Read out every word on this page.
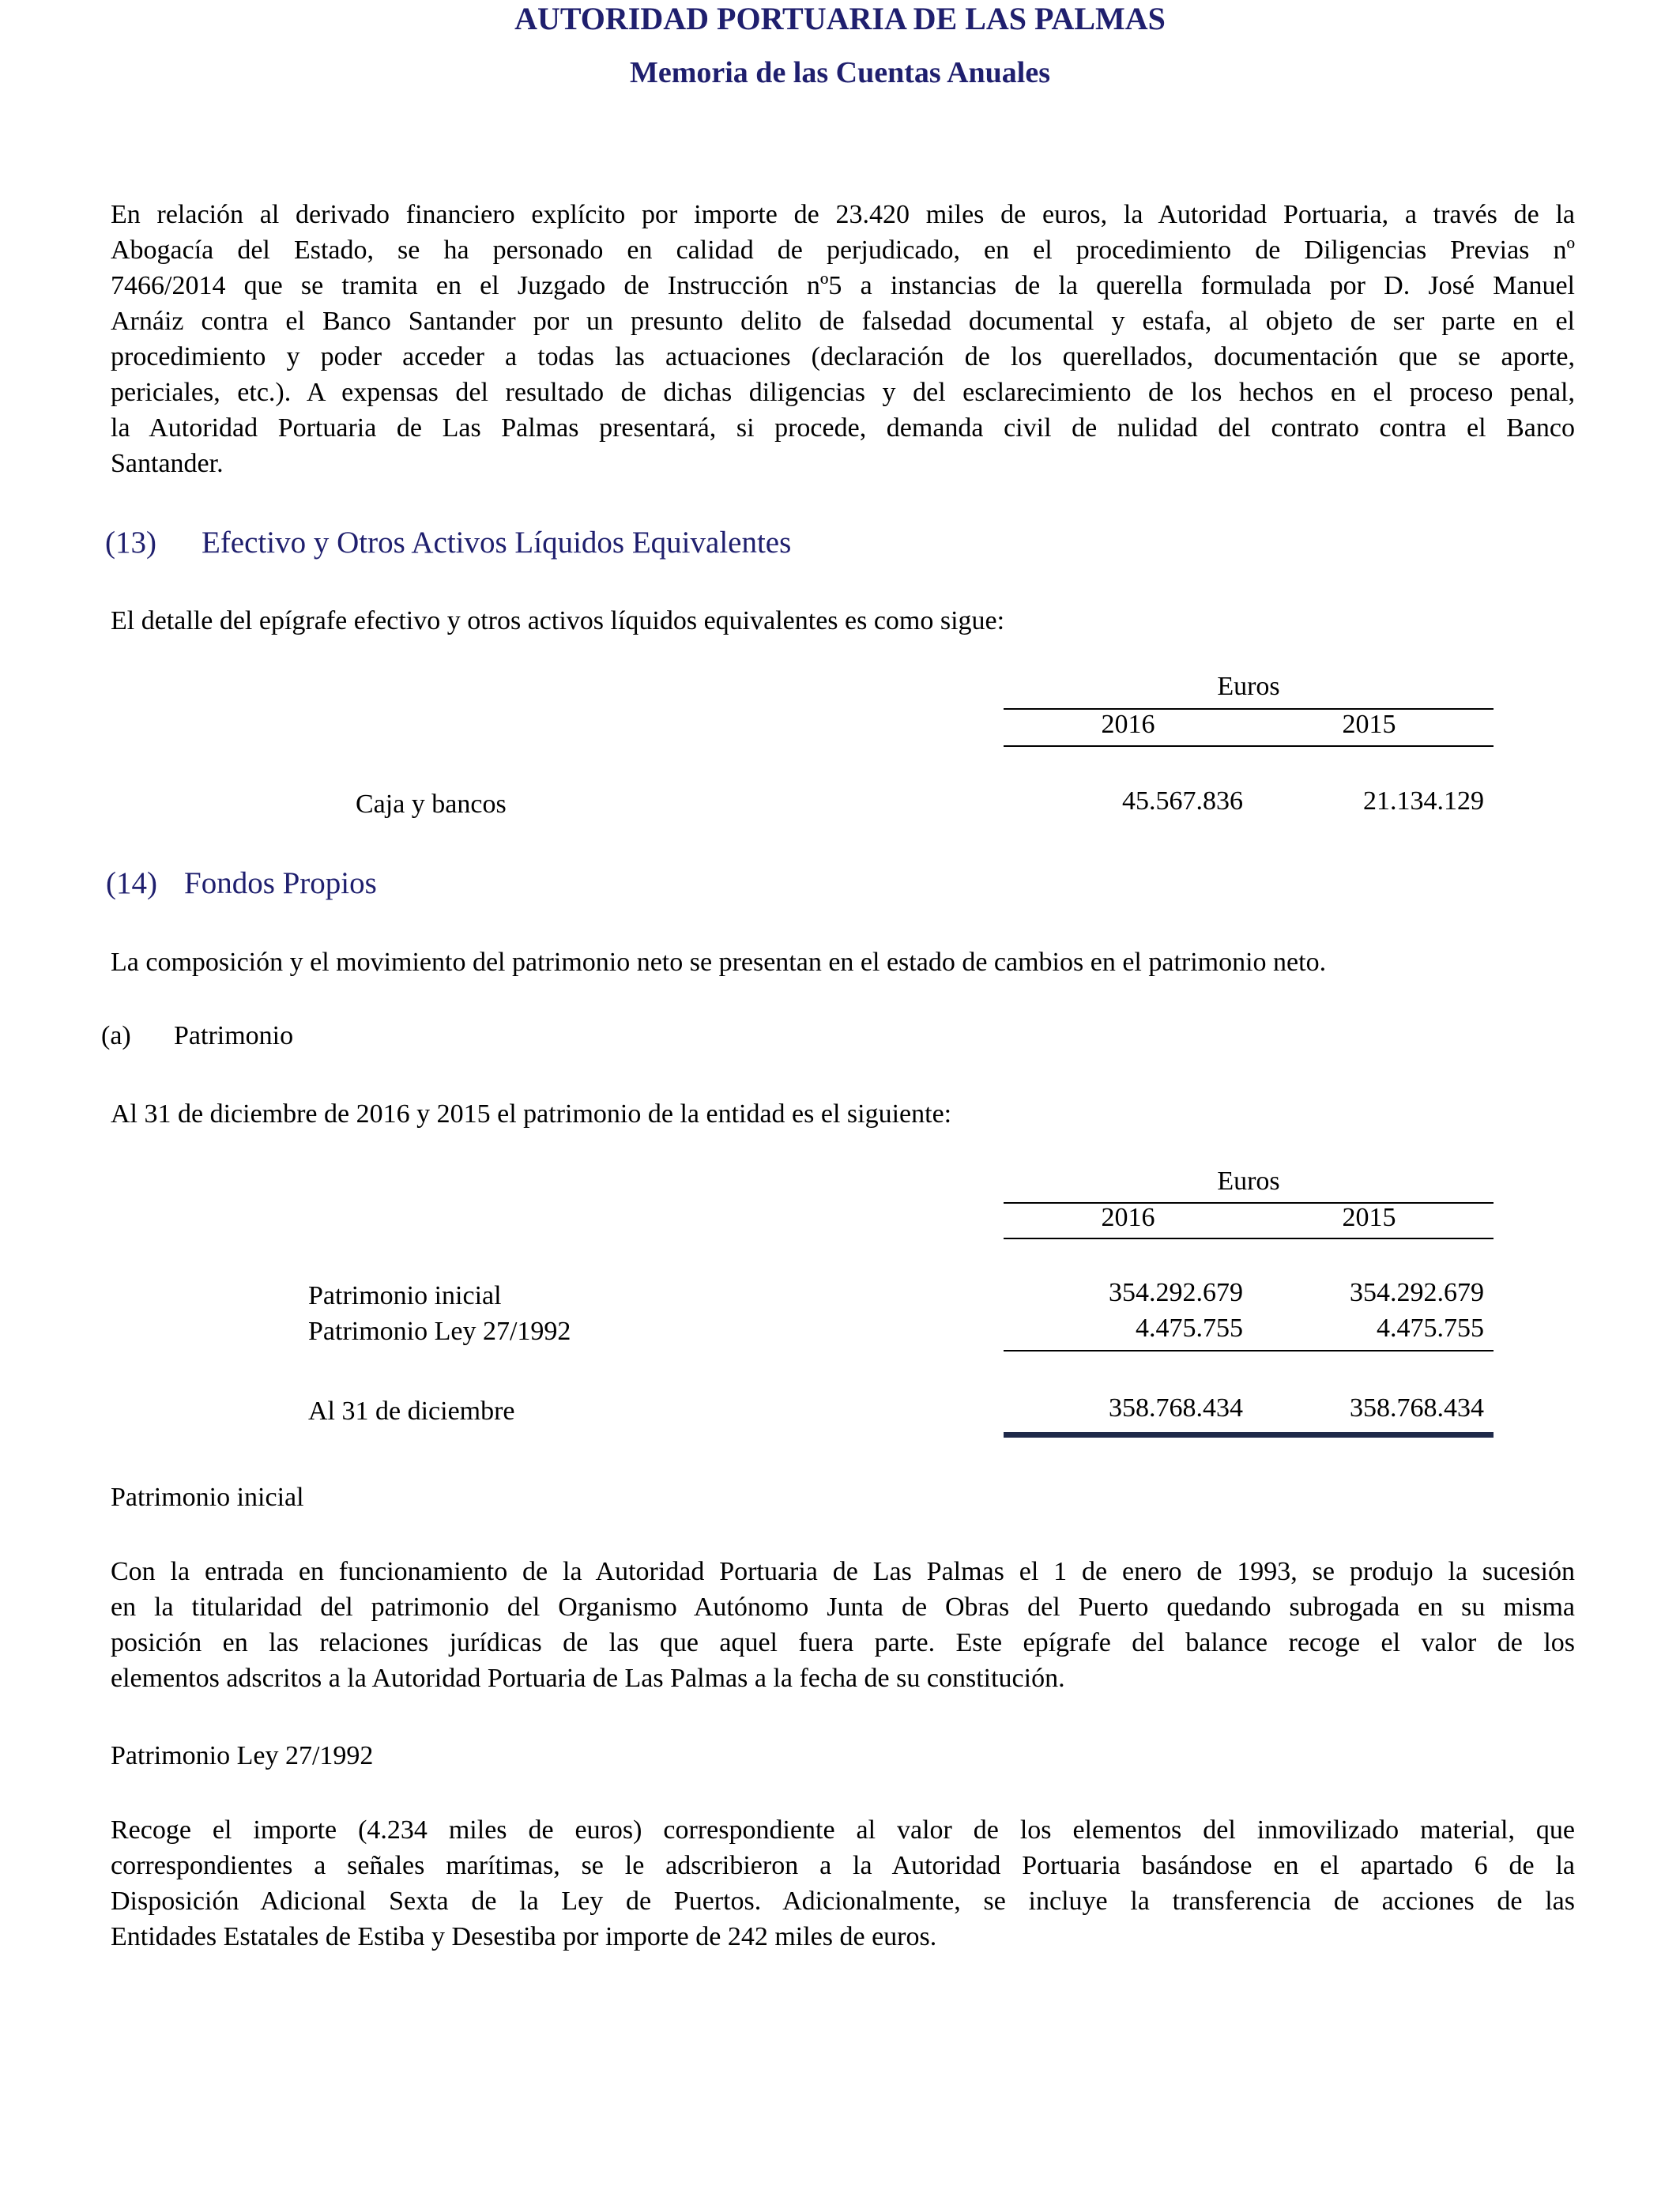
AUTORIDAD PORTUARIA DE LAS PALMAS
Memoria de las Cuentas Anuales
En relación al derivado financiero explícito por importe de 23.420 miles de euros, la Autoridad Portuaria, a través de la
Abogacía del Estado, se ha personado en calidad de perjudicado, en el procedimiento de Diligencias Previas nº
7466/2014 que se tramita en el Juzgado de Instrucción nº5 a instancias de la querella formulada por D. José Manuel
Arnáiz contra el Banco Santander por un presunto delito de falsedad documental y estafa, al objeto de ser parte en el
procedimiento y poder acceder a todas las actuaciones (declaración de los querellados, documentación que se aporte,
periciales, etc.). A expensas del resultado de dichas diligencias y del esclarecimiento de los hechos en el proceso penal,
la Autoridad Portuaria de Las Palmas presentará, si procede, demanda civil de nulidad del contrato contra el Banco
Santander.
(13) Efectivo y Otros Activos Líquidos Equivalentes
El detalle del epígrafe efectivo y otros activos líquidos equivalentes es como sigue:
Euros
2016	2015
Caja y bancos	45.567.836	21.134.129
(14) Fondos Propios
La composición y el movimiento del patrimonio neto se presentan en el estado de cambios en el patrimonio neto.
(a) Patrimonio
Al 31 de diciembre de 2016 y 2015 el patrimonio de la entidad es el siguiente:
Euros
2016	2015
Patrimonio inicial	354.292.679	354.292.679
Patrimonio Ley 27/1992	4.475.755	4.475.755
Al 31 de diciembre	358.768.434	358.768.434
Patrimonio inicial
Con la entrada en funcionamiento de la Autoridad Portuaria de Las Palmas el 1 de enero de 1993, se produjo la sucesión
en la titularidad del patrimonio del Organismo Autónomo Junta de Obras del Puerto quedando subrogada en su misma
posición en las relaciones jurídicas de las que aquel fuera parte. Este epígrafe del balance recoge el valor de los
elementos adscritos a la Autoridad Portuaria de Las Palmas a la fecha de su constitución.
Patrimonio Ley 27/1992
Recoge el importe (4.234 miles de euros) correspondiente al valor de los elementos del inmovilizado material, que
correspondientes a señales marítimas, se le adscribieron a la Autoridad Portuaria basándose en el apartado 6 de la
Disposición Adicional Sexta de la Ley de Puertos. Adicionalmente, se incluye la transferencia de acciones de las
Entidades Estatales de Estiba y Desestiba por importe de 242 miles de euros.
